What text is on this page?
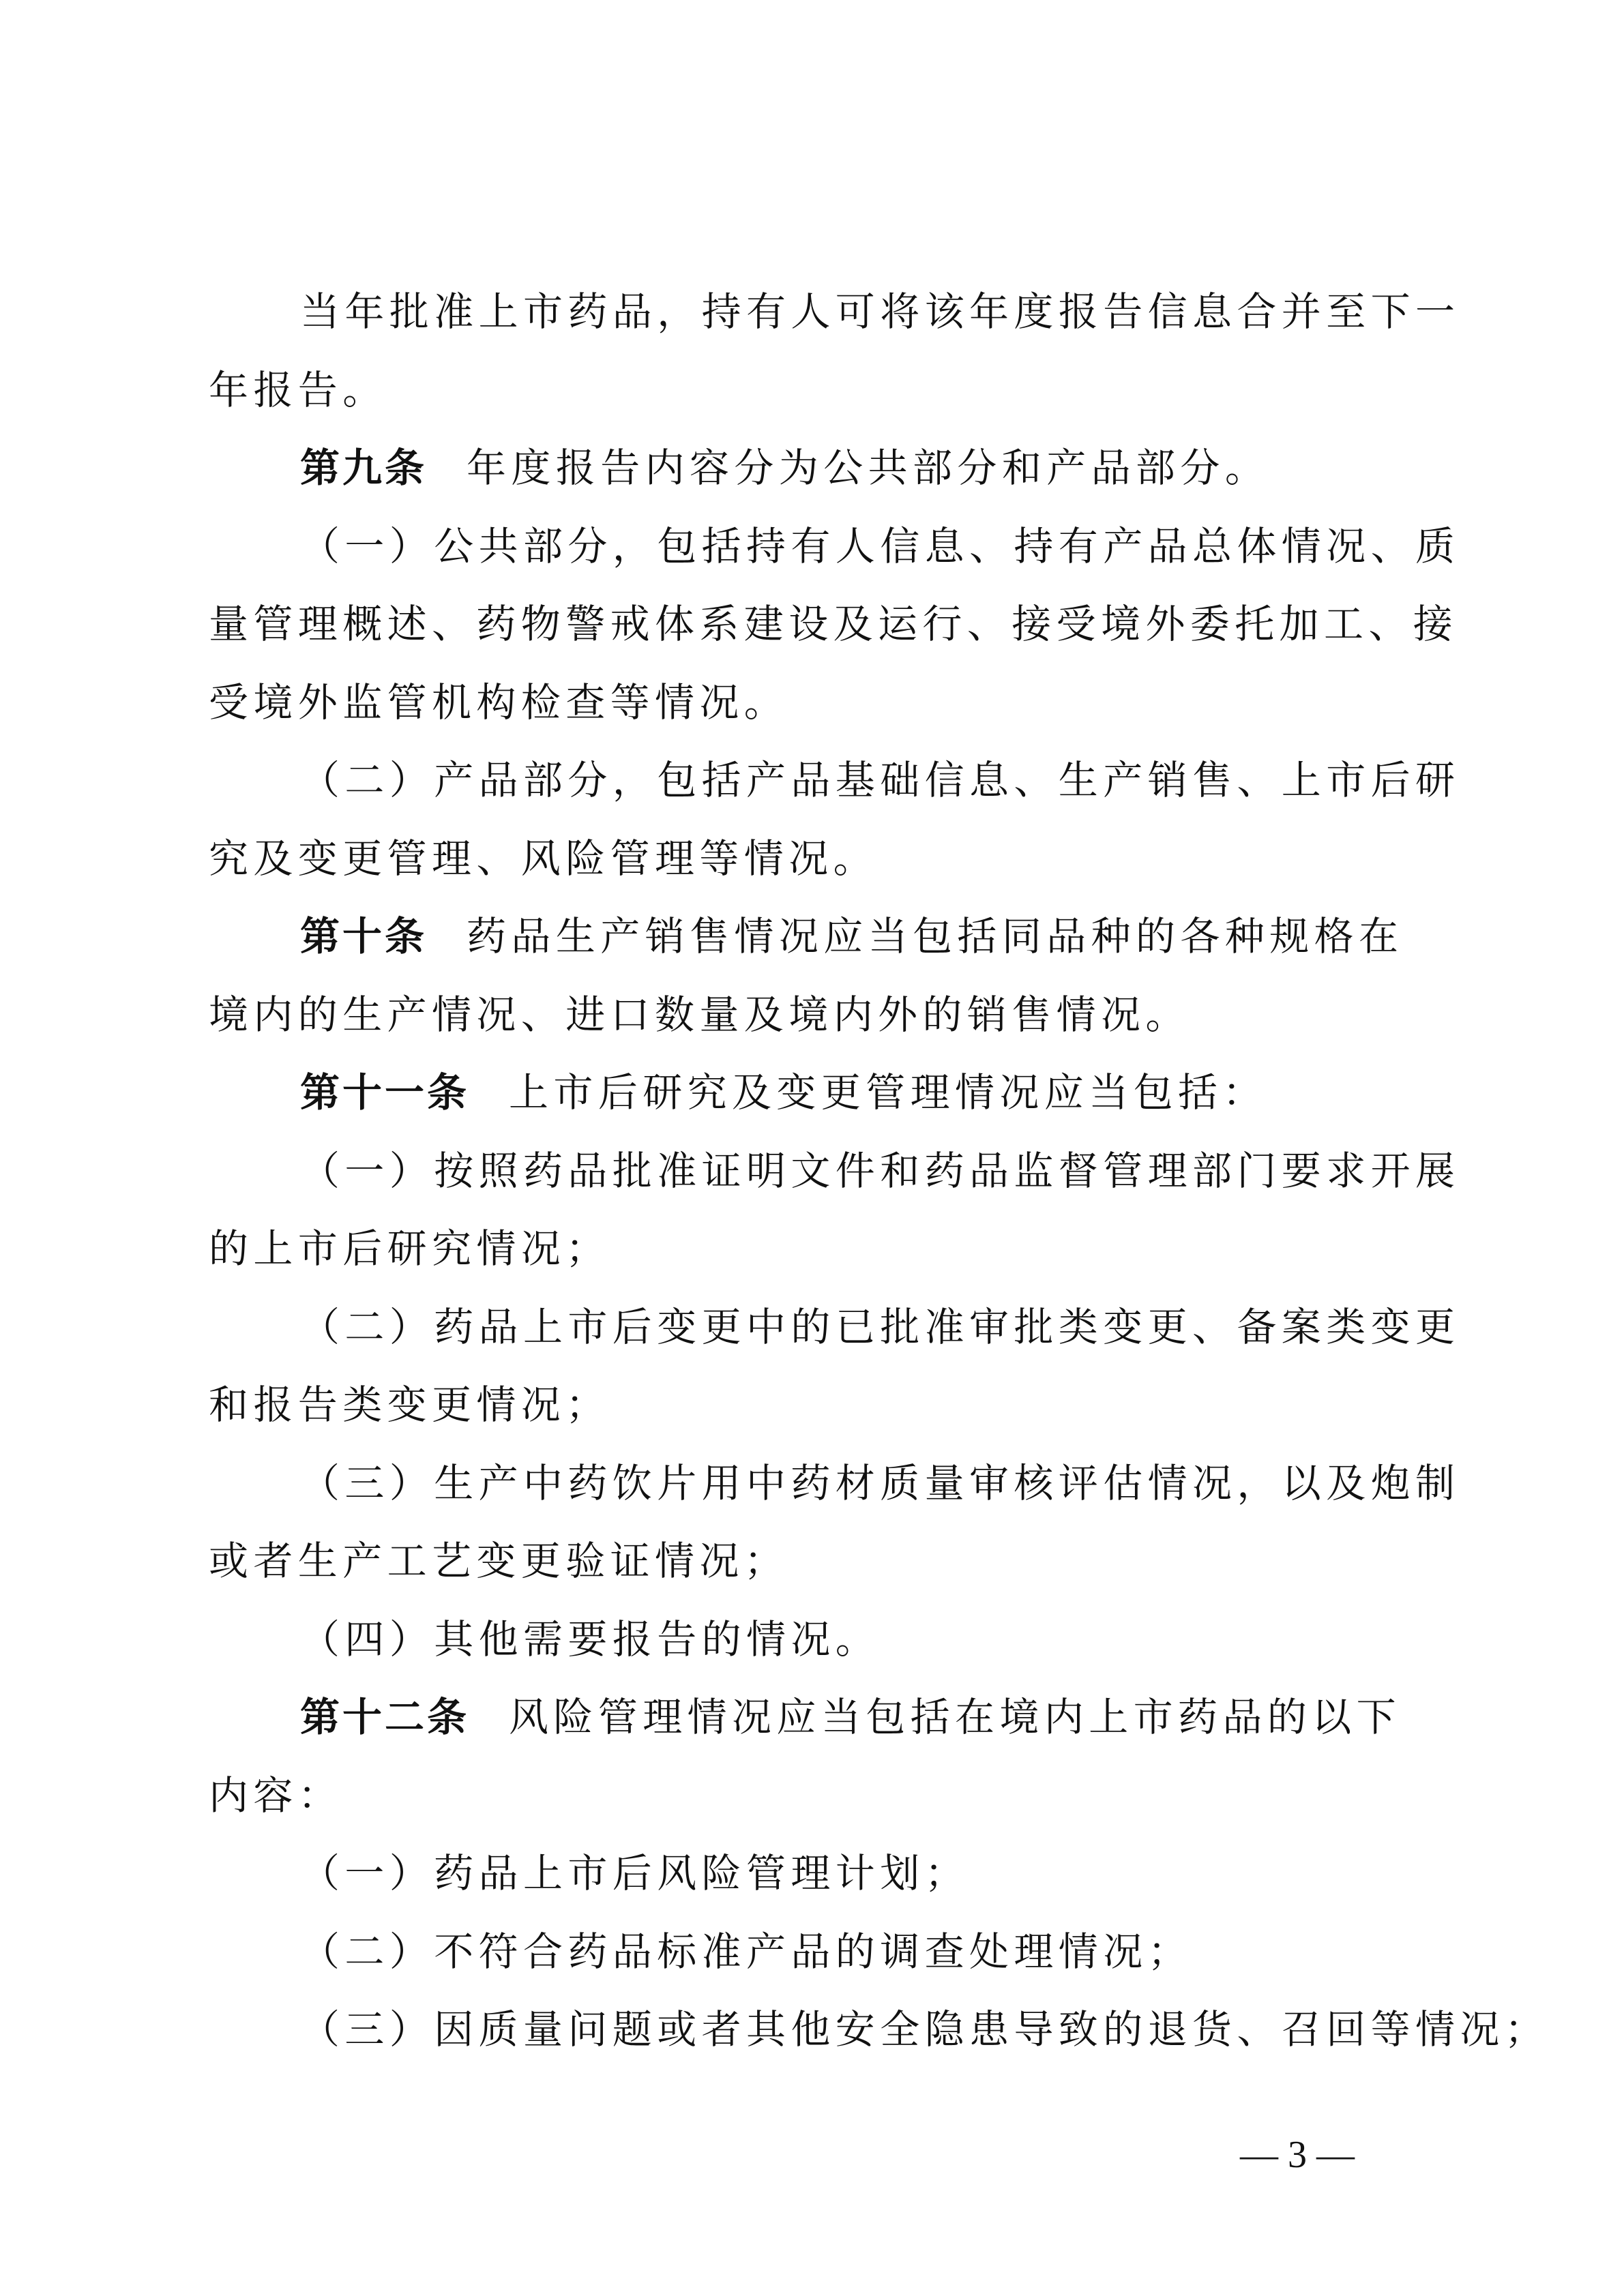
当年批准上市药品，持有人可将该年度报告信息合并至下一

年报告。

第九条 年度报告内容分为公共部分和产品部分。

（一）公共部分，包括持有人信息、持有产品总体情况、质

量管理概述、药物警戒体系建设及运行、接受境外委托加工、接

受境外监管机构检查等情况。

（二）产品部分，包括产品基础信息、生产销售、上市后研

究及变更管理、风险管理等情况。

第十条 药品生产销售情况应当包括同品种的各种规格在

境内的生产情况、进口数量及境内外的销售情况。

第十一条 上市后研究及变更管理情况应当包括：

（一）按照药品批准证明文件和药品监督管理部门要求开展

的上市后研究情况；

（二）药品上市后变更中的已批准审批类变更、备案类变更

和报告类变更情况；

（三）生产中药饮片用中药材质量审核评估情况，以及炮制

或者生产工艺变更验证情况；

（四）其他需要报告的情况。

第十二条 风险管理情况应当包括在境内上市药品的以下

内容：

（一）药品上市后风险管理计划；

（二）不符合药品标准产品的调查处理情况；

（三）因质量问题或者其他安全隐患导致的退货、召回等情况；

— 3 —
